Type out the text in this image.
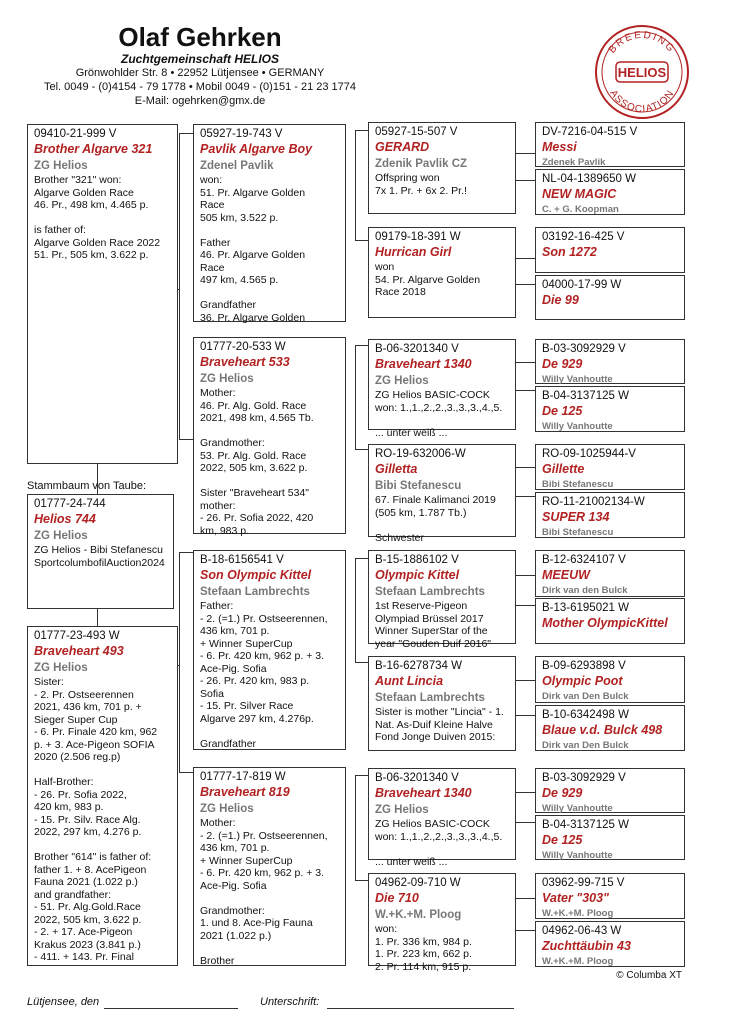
Olaf Gehrken
Zuchtgemeinschaft HELIOS
Grönwohlder Str. 8 • 22952 Lütjensee • GERMANY
Tel. 0049 - (0)4154 - 79 1778 • Mobil 0049 - (0)151 - 21 23 1774
E-Mail: ogehrken@gmx.de
BREEDING
ASSOCIATION
HELIOS
09410-21-999 V
Brother Algarve 321
ZG Helios
Brother "321" won:
Algarve Golden Race
46. Pr., 498 km, 4.465 p.

is father of:
Algarve Golden Race 2022
51. Pr., 505 km, 3.622 p.
05927-19-743 V
Pavlik Algarve Boy
Zdenel Pavlik
won:
51. Pr. Algarve Golden
Race
505 km, 3.522 p.

Father
46. Pr. Algarve Golden
Race
497 km, 4.565 p.

Grandfather
36. Pr. Algarve Golden
01777-20-533 W
Braveheart 533
ZG Helios
Mother:
46. Pr. Alg. Gold. Race
2021, 498 km, 4.565 Tb.

Grandmother:
53. Pr. Alg. Gold. Race
2022, 505 km, 3.622 p.

Sister "Braveheart 534"
mother:
- 26. Pr. Sofia 2022, 420
km, 983 p.
05927-15-507 V
GERARD
Zdenik Pavlik CZ
Offspring won
7x 1. Pr. + 6x 2. Pr.!
09179-18-391 W
Hurrican Girl
won
54. Pr. Algarve Golden
Race 2018
B-06-3201340 V
Braveheart 1340
ZG Helios
ZG Helios BASIC-COCK
won: 1.,1.,2.,2.,3.,3.,3.,4.,5.

... unter weiß ...
RO-19-632006-W
Gilletta
Bibi Stefanescu
67. Finale Kalimanci 2019
(505 km, 1.787 Tb.)

Schwester
DV-7216-04-515 V
Messi
Zdenek Pavlik
NL-04-1389650 W
NEW MAGIC
C. + G. Koopman
03192-16-425 V
Son 1272
04000-17-99 W
Die 99
B-03-3092929 V
De 929
Willy Vanhoutte
B-04-3137125 W
De 125
Willy Vanhoutte
RO-09-1025944-V
Gillette
Bibi Stefanescu
RO-11-21002134-W
SUPER 134
Bibi Stefanescu
Stammbaum von Taube:
01777-24-744
Helios 744
ZG Helios
ZG Helios - Bibi Stefanescu
SportcolumbofilAuction2024
01777-23-493 W
Braveheart 493
ZG Helios
Sister:
- 2. Pr. Ostseerennen
2021, 436 km, 701 p. +
Sieger Super Cup
- 6. Pr. Finale 420 km, 962
p. + 3. Ace-Pigeon SOFIA
2020 (2.506 reg.p)

Half-Brother:
- 26. Pr. Sofia 2022,
420 km, 983 p.
- 15. Pr. Silv. Race Alg.
2022, 297 km, 4.276 p.

Brother "614" is father of:
father 1. + 8. AcePigeon
Fauna 2021 (1.022 p.)
and grandfather:
- 51. Pr. Alg.Gold.Race
2022, 505 km, 3.622 p.
- 2. + 17. Ace-Pigeon
Krakus 2023 (3.841 p.)
- 411. + 143. Pr. Final
B-18-6156541 V
Son Olympic Kittel
Stefaan Lambrechts
Father:
- 2. (=1.) Pr. Ostseerennen,
436 km, 701 p.
+ Winner SuperCup
- 6. Pr. 420 km, 962 p. + 3.
Ace-Pig. Sofia
- 26. Pr. 420 km, 983 p.
Sofia
- 15. Pr. Silver Race
Algarve 297 km, 4.276p.

Grandfather
01777-17-819 W
Braveheart 819
ZG Helios
Mother:
- 2. (=1.) Pr. Ostseerennen,
436 km, 701 p.
+ Winner SuperCup
- 6. Pr. 420 km, 962 p. + 3.
Ace-Pig. Sofia

Grandmother:
1. und 8. Ace-Pig Fauna
2021 (1.022 p.)

Brother
B-15-1886102 V
Olympic Kittel
Stefaan Lambrechts
1st Reserve-Pigeon
Olympiad Brüssel 2017
Winner SuperStar of the
year "Gouden Duif 2016"
B-16-6278734 W
Aunt Lincia
Stefaan Lambrechts
Sister is mother "Lincia" - 1.
Nat. As-Duif Kleine Halve
Fond Jonge Duiven 2015:
B-06-3201340 V
Braveheart 1340
ZG Helios
ZG Helios BASIC-COCK
won: 1.,1.,2.,2.,3.,3.,3.,4.,5.

... unter weiß ...
04962-09-710 W
Die 710
W.+K.+M. Ploog
won:
1. Pr. 336 km, 984 p.
1. Pr. 223 km, 662 p.
2. Pr. 114 km, 915 p.
B-12-6324107 V
MEEUW
Dirk van den Bulck
B-13-6195021 W
Mother OlympicKittel
B-09-6293898 V
Olympic Poot
Dirk van Den Bulck
B-10-6342498 W
Blaue v.d. Bulck 498
Dirk van Den Bulck
B-03-3092929 V
De 929
Willy Vanhoutte
B-04-3137125 W
De 125
Willy Vanhoutte
03962-99-715 V
Vater "303"
W.+K.+M. Ploog
04962-06-43 W
Zuchttäubin 43
W.+K.+M. Ploog
© Columba XT
Lütjensee, den	Unterschrift:
